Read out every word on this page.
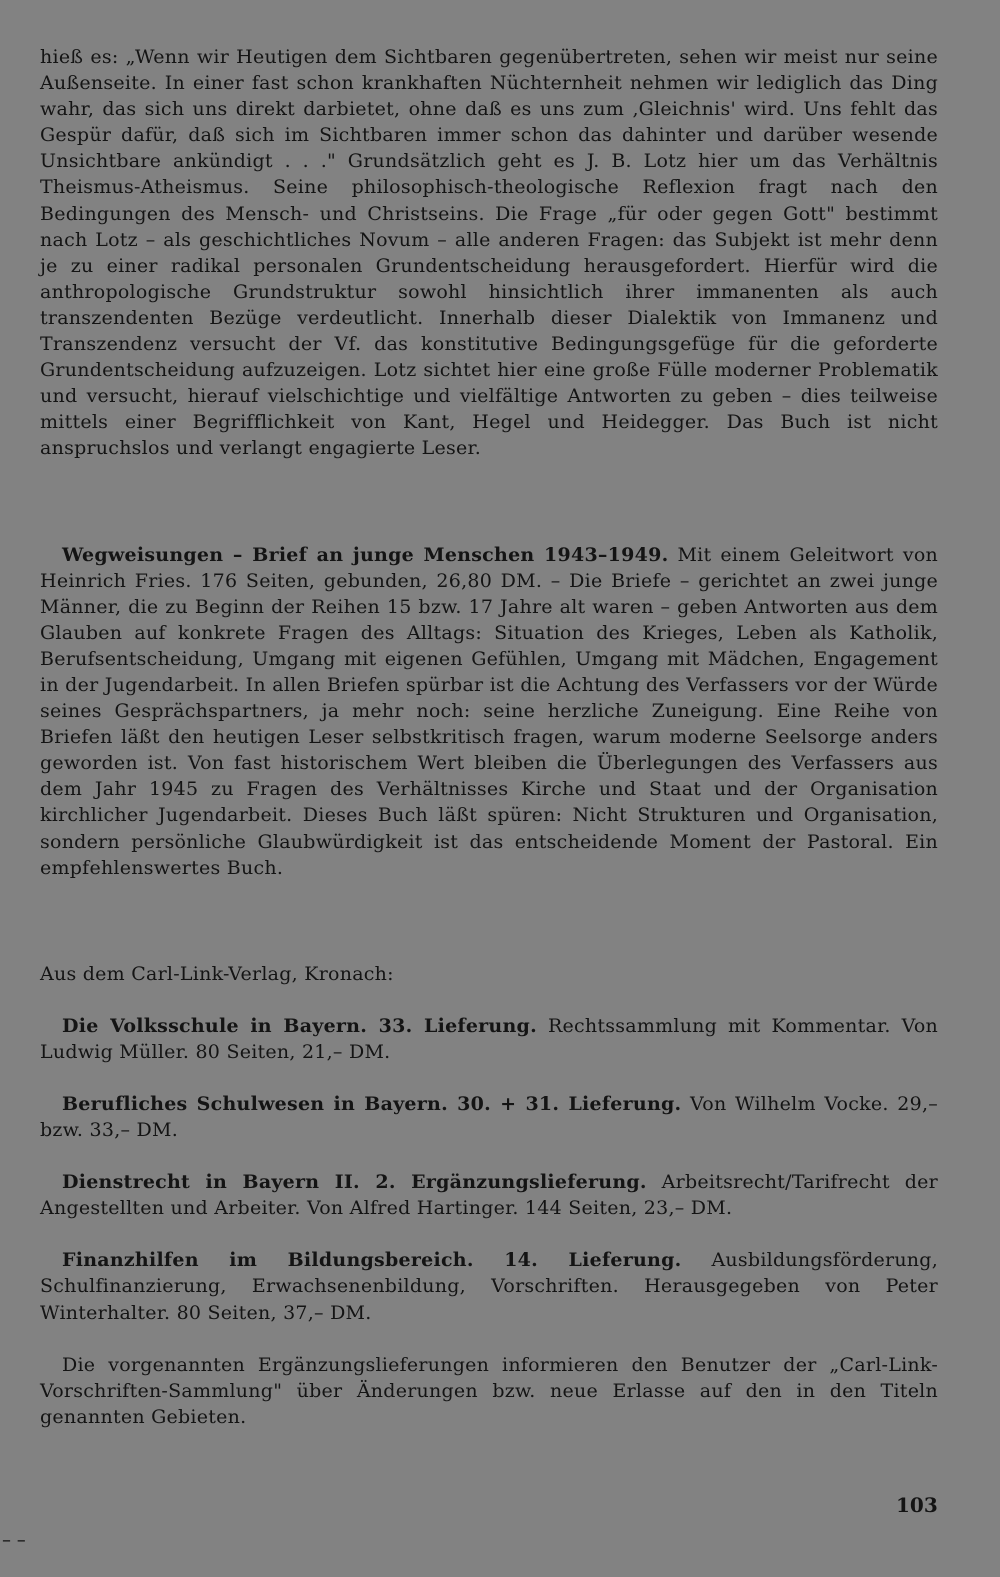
hieß es: „Wenn wir Heutigen dem Sichtbaren gegenübertreten, sehen wir meist nur seine Außenseite. In einer fast schon krankhaften Nüchternheit nehmen wir lediglich das Ding wahr, das sich uns direkt darbietet, ohne daß es uns zum ‚Gleichnis' wird. Uns fehlt das Gespür dafür, daß sich im Sichtbaren immer schon das dahinter und darüber wesende Unsichtbare ankündigt . . ." Grundsätzlich geht es J. B. Lotz hier um das Verhältnis Theismus-Atheismus. Seine philosophisch-theologische Reflexion fragt nach den Bedingungen des Mensch- und Christseins. Die Frage „für oder gegen Gott" bestimmt nach Lotz – als geschichtliches Novum – alle anderen Fragen: das Subjekt ist mehr denn je zu einer radikal personalen Grundentscheidung herausgefordert. Hierfür wird die anthropologische Grundstruktur sowohl hinsichtlich ihrer immanenten als auch transzendenten Bezüge verdeutlicht. Innerhalb dieser Dialektik von Immanenz und Transzendenz versucht der Vf. das konstitutive Bedingungsgefüge für die geforderte Grundentscheidung aufzuzeigen. Lotz sichtet hier eine große Fülle moderner Problematik und versucht, hierauf vielschichtige und vielfältige Antworten zu geben – dies teilweise mittels einer Begrifflichkeit von Kant, Hegel und Heidegger. Das Buch ist nicht anspruchslos und verlangt engagierte Leser.

Wegweisungen – Brief an junge Menschen 1943–1949. Mit einem Geleitwort von Heinrich Fries. 176 Seiten, gebunden, 26,80 DM. – Die Briefe – gerichtet an zwei junge Männer, die zu Beginn der Reihen 15 bzw. 17 Jahre alt waren – geben Antworten aus dem Glauben auf konkrete Fragen des Alltags: Situation des Krieges, Leben als Katholik, Berufsentscheidung, Umgang mit eigenen Gefühlen, Umgang mit Mädchen, Engagement in der Jugendarbeit. In allen Briefen spürbar ist die Achtung des Verfassers vor der Würde seines Gesprächspartners, ja mehr noch: seine herzliche Zuneigung. Eine Reihe von Briefen läßt den heutigen Leser selbstkritisch fragen, warum moderne Seelsorge anders geworden ist. Von fast historischem Wert bleiben die Überlegungen des Verfassers aus dem Jahr 1945 zu Fragen des Verhältnisses Kirche und Staat und der Organisation kirchlicher Jugendarbeit. Dieses Buch läßt spüren: Nicht Strukturen und Organisation, sondern persönliche Glaubwürdigkeit ist das entscheidende Moment der Pastoral. Ein empfehlenswertes Buch.

Aus dem Carl-Link-Verlag, Kronach:

Die Volksschule in Bayern. 33. Lieferung. Rechtssammlung mit Kommentar. Von Ludwig Müller. 80 Seiten, 21,– DM.

Berufliches Schulwesen in Bayern. 30. + 31. Lieferung. Von Wilhelm Vocke. 29,– bzw. 33,– DM.

Dienstrecht in Bayern II. 2. Ergänzungslieferung. Arbeitsrecht/Tarifrecht der Angestellten und Arbeiter. Von Alfred Hartinger. 144 Seiten, 23,– DM.

Finanzhilfen im Bildungsbereich. 14. Lieferung. Ausbildungsförderung, Schulfinanzierung, Erwachsenenbildung, Vorschriften. Herausgegeben von Peter Winterhalter. 80 Seiten, 37,– DM.

Die vorgenannten Ergänzungslieferungen informieren den Benutzer der „Carl-Link-Vorschriften-Sammlung" über Änderungen bzw. neue Erlasse auf den in den Titeln genannten Gebieten.

103
– –
